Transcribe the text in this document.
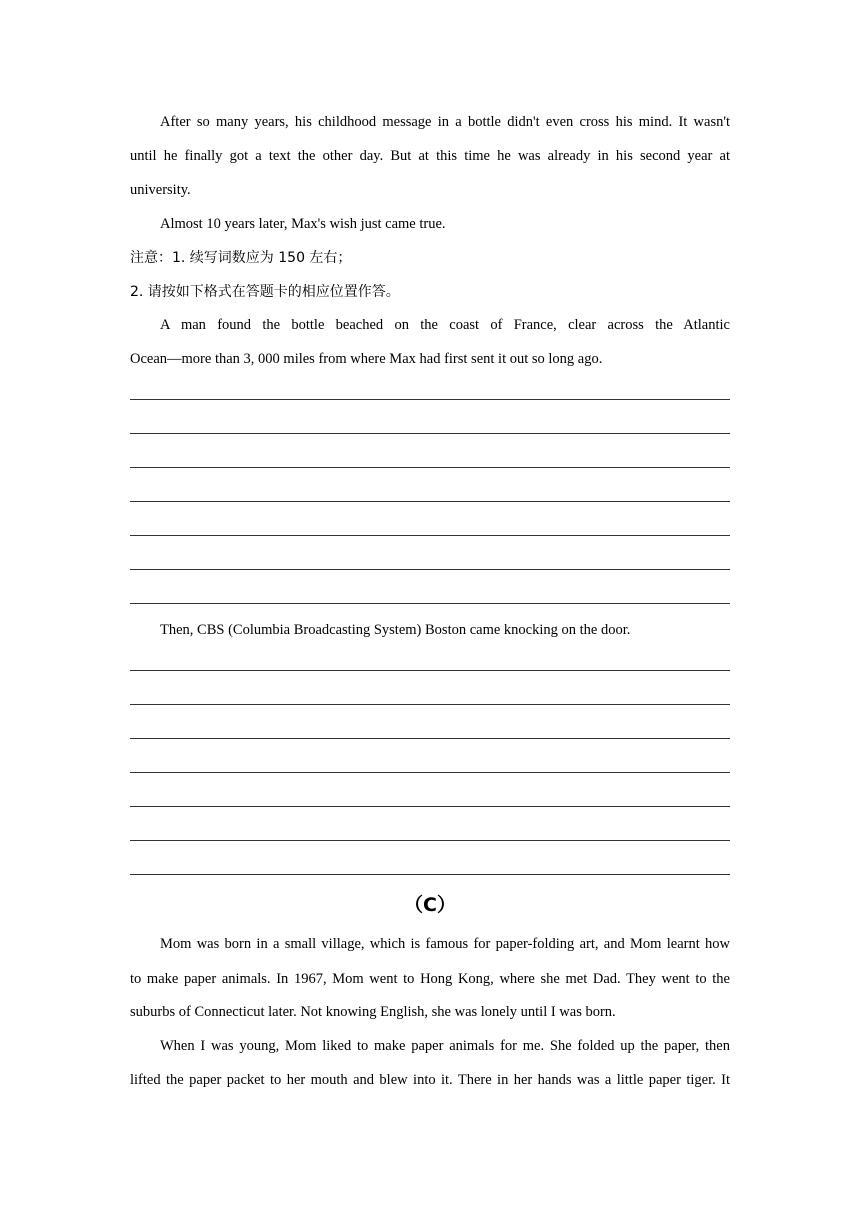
After so many years, his childhood message in a bottle didn't even cross his mind. It wasn't
until he finally got a text the other day. But at this time he was already in his second year at
university.
Almost 10 years later, Max's wish just came true.
注意：1. 续写词数应为 150 左右；
2. 请按如下格式在答题卡的相应位置作答。
A man found the bottle beached on the coast of France, clear across the Atlantic
Ocean—more than 3, 000 miles from where Max had first sent it out so long ago.
Then, CBS (Columbia Broadcasting System) Boston came knocking on the door.
（C）
Mom was born in a small village, which is famous for paper-folding art, and Mom learnt how
to make paper animals. In 1967, Mom went to Hong Kong, where she met Dad. They went to the
suburbs of Connecticut later. Not knowing English, she was lonely until I was born.
When I was young, Mom liked to make paper animals for me. She folded up the paper, then
lifted the paper packet to her mouth and blew into it. There in her hands was a little paper tiger. It
